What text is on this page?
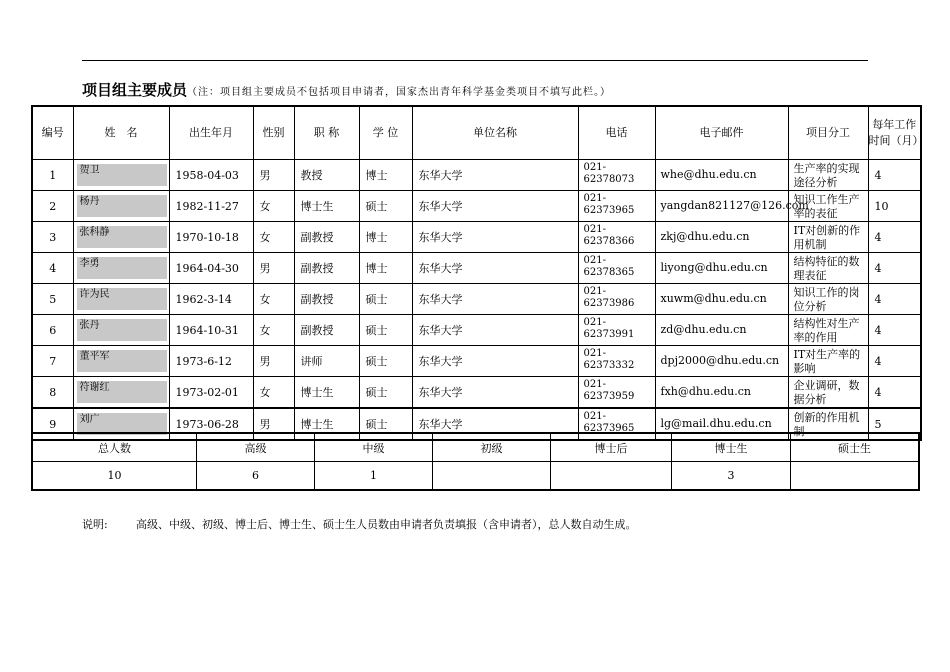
项目组主要成员（注：项目组主要成员不包括项目申请者，国家杰出青年科学基金类项目不填写此栏。）
编号	姓　名	出生年月	性别	职 称	学 位	单位名称	电话	电子邮件	项目分工	每年工作时间（月）
1	贺卫	1958-04-03	男	教授	博士	东华大学	021-62378073	whe@dhu.edu.cn	生产率的实现途径分析	4
2	杨丹	1982-11-27	女	博士生	硕士	东华大学	021-62373965	yangdan821127@126.com	知识工作生产率的表征	10
3	张科静	1970-10-18	女	副教授	博士	东华大学	021-62378366	zkj@dhu.edu.cn	IT对创新的作用机制	4
4	李勇	1964-04-30	男	副教授	博士	东华大学	021-62378365	liyong@dhu.edu.cn	结构特征的数理表征	4
5	许为民	1962-3-14	女	副教授	硕士	东华大学	021-62373986	xuwm@dhu.edu.cn	知识工作的岗位分析	4
6	张丹	1964-10-31	女	副教授	硕士	东华大学	021-62373991	zd@dhu.edu.cn	结构性对生产率的作用	4
7	董平军	1973-6-12	男	讲师	硕士	东华大学	021-62373332	dpj2000@dhu.edu.cn	IT对生产率的影响	4
8	符谢红	1973-02-01	女	博士生	硕士	东华大学	021-62373959	fxh@dhu.edu.cn	企业调研，数据分析	4
9	刘广	1973-06-28	男	博士生	硕士	东华大学	021-62373965	lg@mail.dhu.edu.cn	创新的作用机制	5
总人数	高级	中级	初级	博士后	博士生	硕士生
10	6	1			3	
说明:	高级、中级、初级、博士后、博士生、硕士生人员数由申请者负责填报（含申请者），总人数自动生成。
